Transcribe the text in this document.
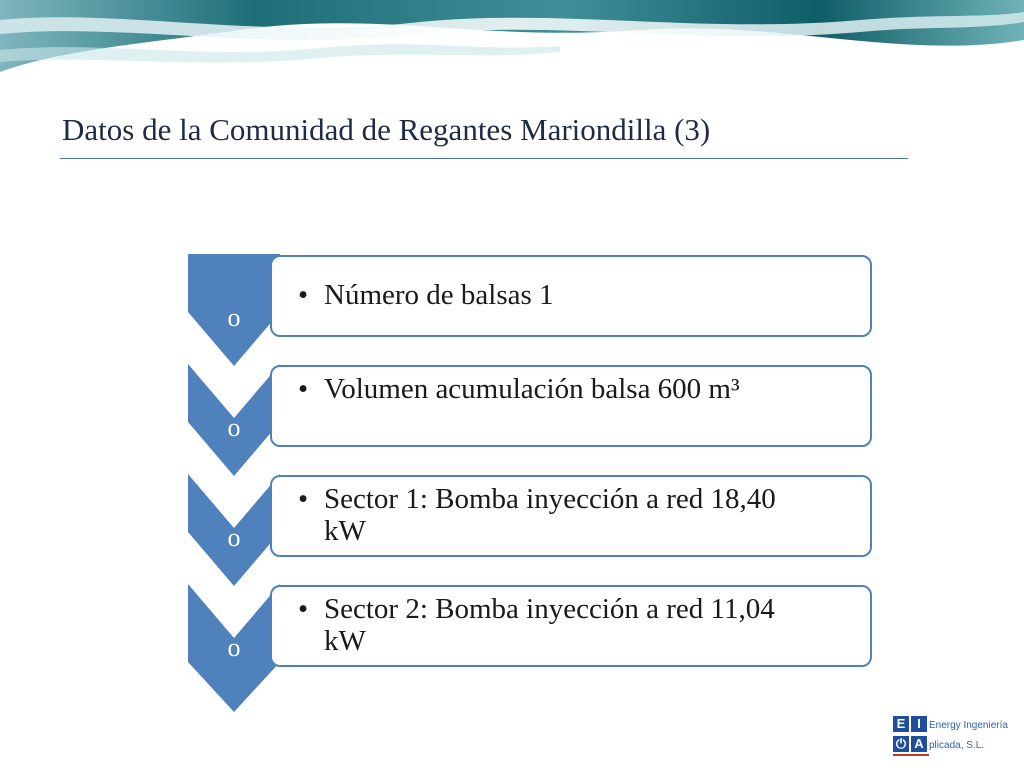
Datos de la Comunidad de Regantes Mariondilla (3)
o
o
o
o
• Número de balsas 1
• Volumen acumulación balsa 600 m³
• Sector 1: Bomba inyección a red 18,40 kW
• Sector 2: Bomba inyección a red 11,04 kW
E I
⏻ A
Energy Ingeniería
plicada, S.L.
